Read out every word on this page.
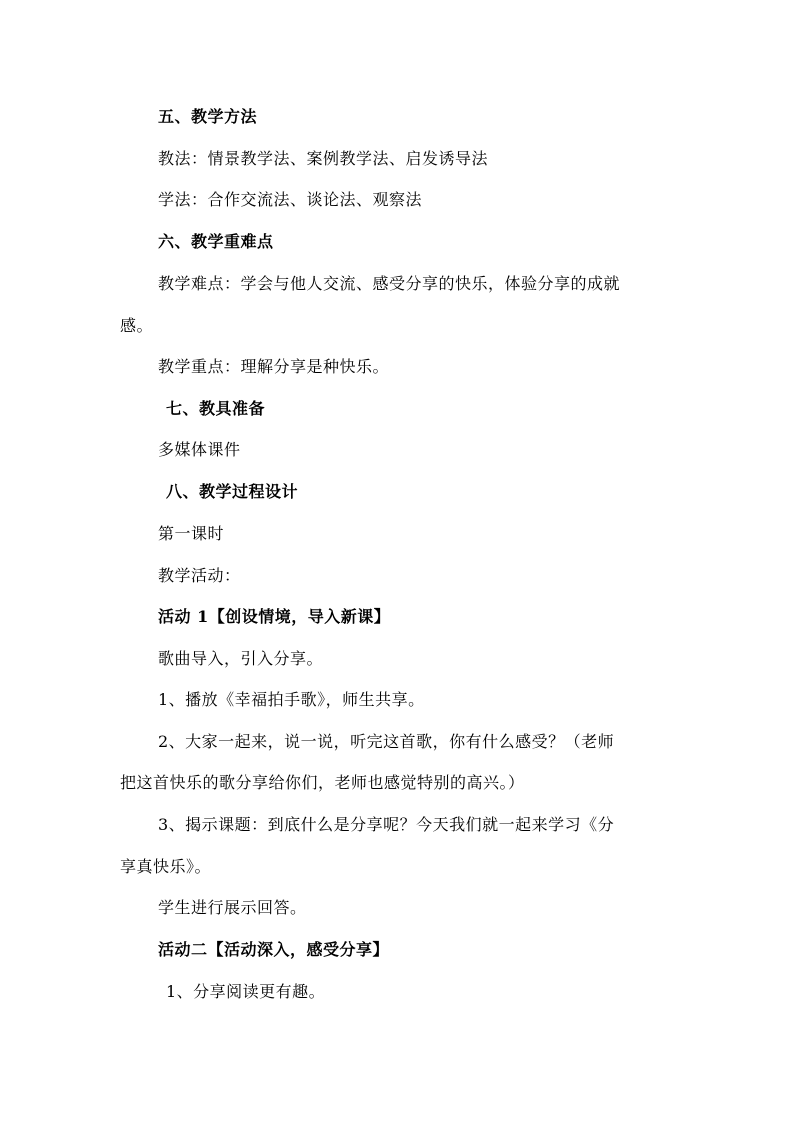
五、教学方法
教法：情景教学法、案例教学法、启发诱导法
学法：合作交流法、谈论法、观察法
六、教学重难点
教学难点：学会与他人交流、感受分享的快乐，体验分享的成就
感。
教学重点：理解分享是种快乐。
七、教具准备
多媒体课件
八、教学过程设计
第一课时
教学活动：
活动 1【创设情境，导入新课】
歌曲导入，引入分享。
1、播放《幸福拍手歌》，师生共享。
2、大家一起来，说一说，听完这首歌，你有什么感受？（老师
把这首快乐的歌分享给你们，老师也感觉特别的高兴。）
3、揭示课题：到底什么是分享呢？今天我们就一起来学习《分
享真快乐》。
学生进行展示回答。
活动二【活动深入，感受分享】
1、分享阅读更有趣。
